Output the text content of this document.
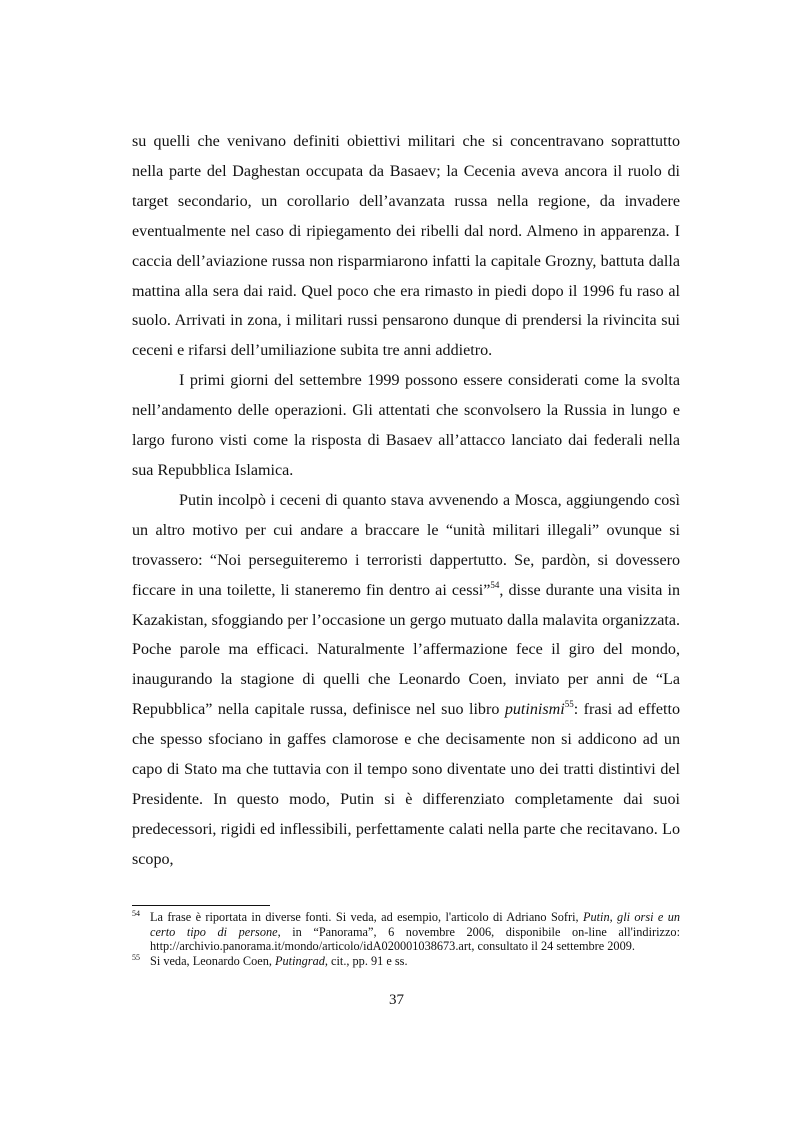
su quelli che venivano definiti obiettivi militari che si concentravano soprattutto nella parte del Daghestan occupata da Basaev; la Cecenia aveva ancora il ruolo di target secondario, un corollario dell’avanzata russa nella regione, da invadere eventualmente nel caso di ripiegamento dei ribelli dal nord. Almeno in apparenza. I caccia dell’aviazione russa non risparmiarono infatti la capitale Grozny, battuta dalla mattina alla sera dai raid. Quel poco che era rimasto in piedi dopo il 1996 fu raso al suolo. Arrivati in zona, i militari russi pensarono dunque di prendersi la rivincita sui ceceni e rifarsi dell’umiliazione subita tre anni addietro.

I primi giorni del settembre 1999 possono essere considerati come la svolta nell’andamento delle operazioni. Gli attentati che sconvolsero la Russia in lungo e largo furono visti come la risposta di Basaev all’attacco lanciato dai federali nella sua Repubblica Islamica.

Putin incolpò i ceceni di quanto stava avvenendo a Mosca, aggiungendo così un altro motivo per cui andare a braccare le “unità militari illegali” ovunque si trovassero: “Noi perseguiteremo i terroristi dappertutto. Se, pardòn, si dovessero ficcare in una toilette, li staneremo fin dentro ai cessi”$^{54}$, disse durante una visita in Kazakistan, sfoggiando per l’occasione un gergo mutuato dalla malavita organizzata. Poche parole ma efficaci. Naturalmente l’affermazione fece il giro del mondo, inaugurando la stagione di quelli che Leonardo Coen, inviato per anni de “La Repubblica” nella capitale russa, definisce nel suo libro putinismi$^{55}$: frasi ad effetto che spesso sfociano in gaffes clamorose e che decisamente non si addicono ad un capo di Stato ma che tuttavia con il tempo sono diventate uno dei tratti distintivi del Presidente. In questo modo, Putin si è differenziato completamente dai suoi predecessori, rigidi ed inflessibili, perfettamente calati nella parte che recitavano. Lo scopo,

54 La frase è riportata in diverse fonti. Si veda, ad esempio, l'articolo di Adriano Sofri, Putin, gli orsi e un certo tipo di persone, in “Panorama”, 6 novembre 2006, disponibile on-line all'indirizzo: http://archivio.panorama.it/mondo/articolo/idA020001038673.art, consultato il 24 settembre 2009.
55 Si veda, Leonardo Coen, Putingrad, cit., pp. 91 e ss.
37
